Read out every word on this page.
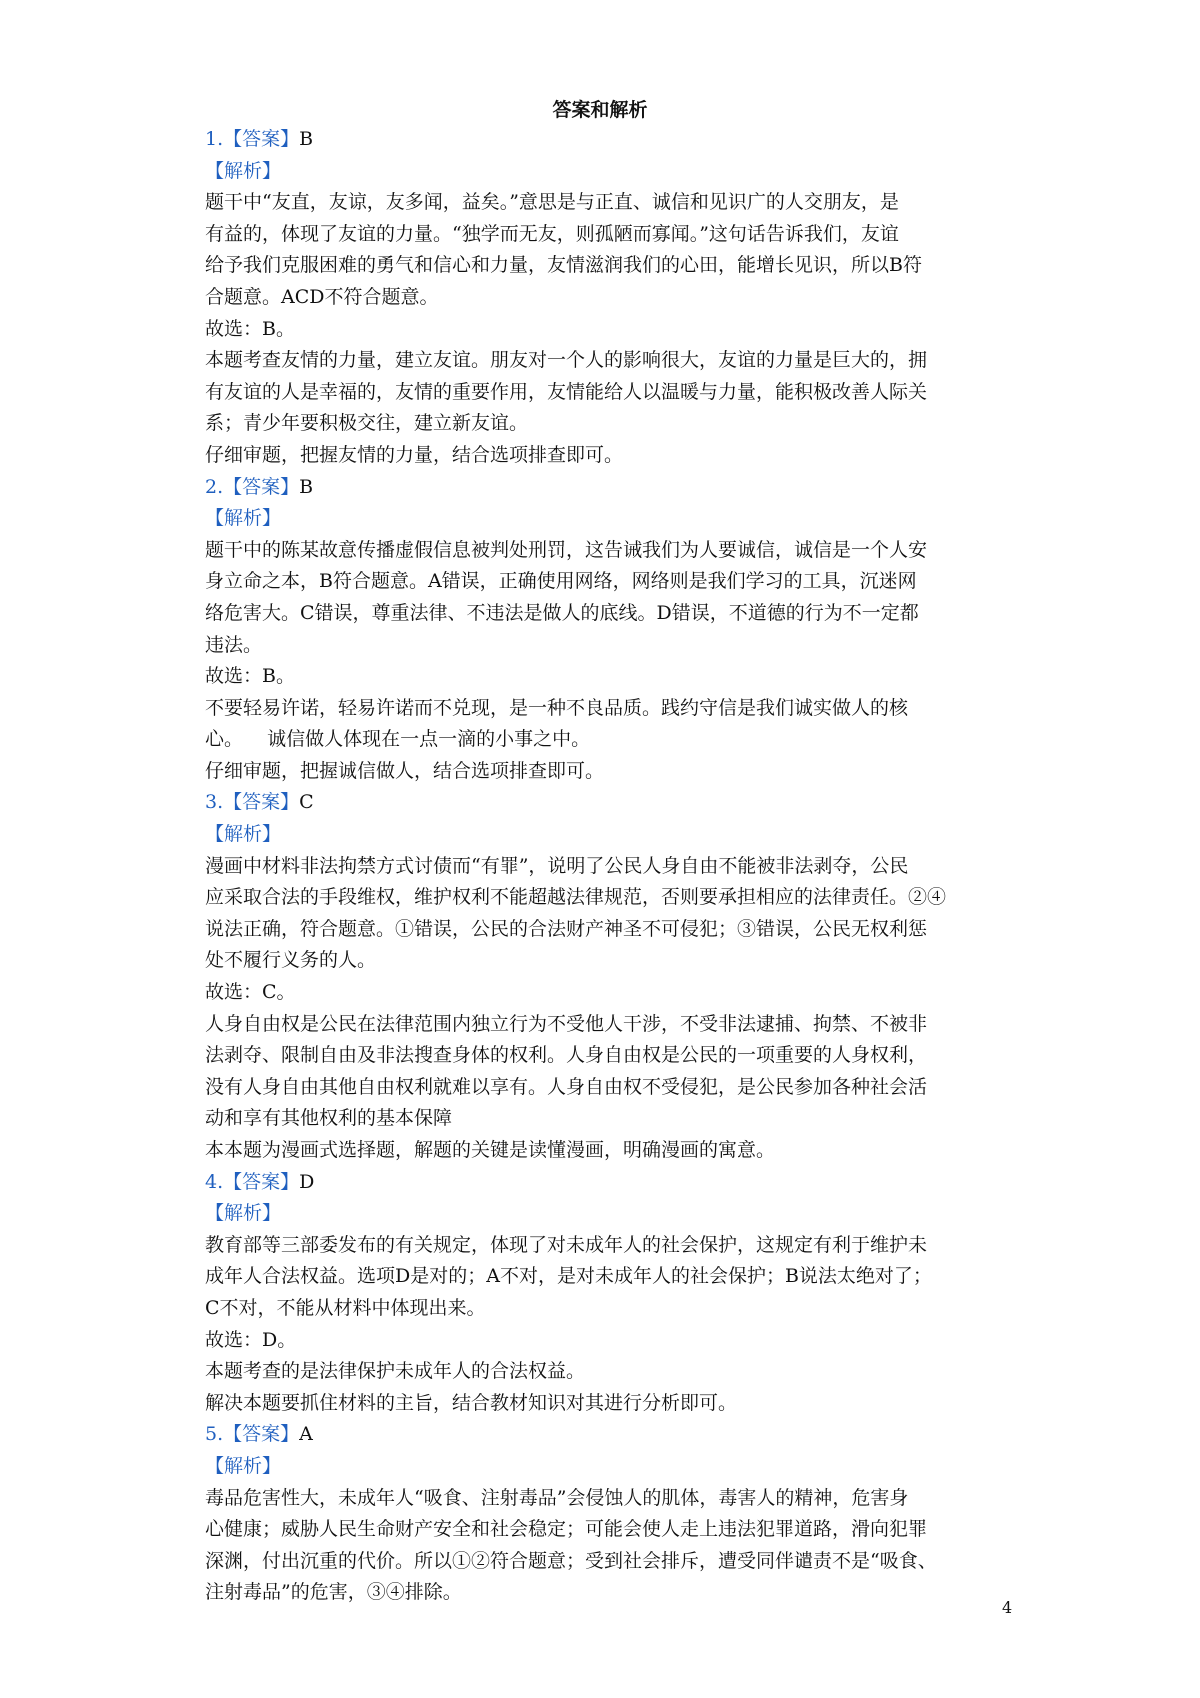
答案和解析
1.【答案】B
【解析】
题干中“友直，友谅，友多闻，益矣。”意思是与正直、诚信和见识广的人交朋友，是
有益的，体现了友谊的力量。“独学而无友，则孤陋而寡闻。”这句话告诉我们，友谊
给予我们克服困难的勇气和信心和力量，友情滋润我们的心田，能增长见识，所以B符
合题意。ACD不符合题意。
故选：B。
本题考查友情的力量，建立友谊。朋友对一个人的影响很大，友谊的力量是巨大的，拥
有友谊的人是幸福的，友情的重要作用，友情能给人以温暖与力量，能积极改善人际关
系；青少年要积极交往，建立新友谊。
仔细审题，把握友情的力量，结合选项排查即可。
2.【答案】B
【解析】
题干中的陈某故意传播虚假信息被判处刑罚，这告诫我们为人要诚信，诚信是一个人安
身立命之本，B符合题意。A错误，正确使用网络，网络则是我们学习的工具，沉迷网
络危害大。C错误，尊重法律、不违法是做人的底线。D错误，不道德的行为不一定都
违法。
故选：B。
不要轻易许诺，轻易许诺而不兑现，是一种不良品质。践约守信是我们诚实做人的核
心。    诚信做人体现在一点一滴的小事之中。
仔细审题，把握诚信做人，结合选项排查即可。
3.【答案】C
【解析】
漫画中材料非法拘禁方式讨债而“有罪”，说明了公民人身自由不能被非法剥夺，公民
应采取合法的手段维权，维护权利不能超越法律规范，否则要承担相应的法律责任。②④
说法正确，符合题意。①错误，公民的合法财产神圣不可侵犯；③错误，公民无权利惩
处不履行义务的人。
故选：C。
人身自由权是公民在法律范围内独立行为不受他人干涉，不受非法逮捕、拘禁、不被非
法剥夺、限制自由及非法搜查身体的权利。人身自由权是公民的一项重要的人身权利，
没有人身自由其他自由权利就难以享有。人身自由权不受侵犯，是公民参加各种社会活
动和享有其他权利的基本保障
本本题为漫画式选择题，解题的关键是读懂漫画，明确漫画的寓意。
4.【答案】D
【解析】
教育部等三部委发布的有关规定，体现了对未成年人的社会保护，这规定有利于维护未
成年人合法权益。选项D是对的；A不对，是对未成年人的社会保护；B说法太绝对了；
C不对，不能从材料中体现出来。
故选：D。
本题考查的是法律保护未成年人的合法权益。
解决本题要抓住材料的主旨，结合教材知识对其进行分析即可。
5.【答案】A
【解析】
毒品危害性大，未成年人“吸食、注射毒品”会侵蚀人的肌体，毒害人的精神，危害身
心健康；威胁人民生命财产安全和社会稳定；可能会使人走上违法犯罪道路，滑向犯罪
深渊，付出沉重的代价。所以①②符合题意；受到社会排斥，遭受同伴谴责不是“吸食、
注射毒品”的危害，③④排除。
4
